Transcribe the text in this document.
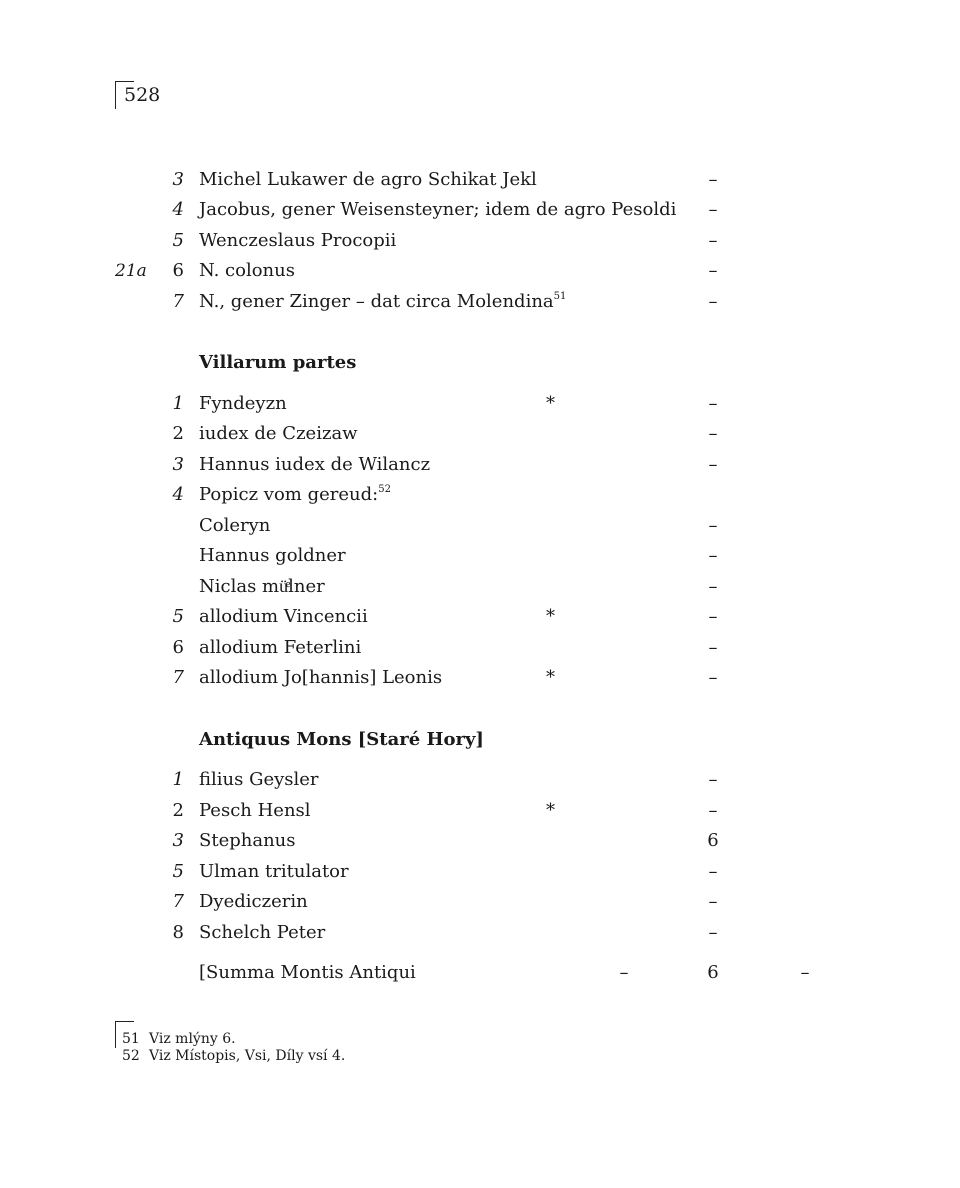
528
3 Michel Lukawer de agro Schikat Jekl	–
4 Jacobus, gener Weisensteyner; idem de agro Pesoldi –
5 Wenczeslaus Procopii	–
21a	6 N. colonus	–
7 N., gener Zinger – dat circa Molendina$^{51}$	–
Villarum partes
1 Fyndeyzn	*	–
2 iudex de Czeizaw	–
3 Hannus iudex de Wilancz	–
4 Popicz vom gereud:$^{52}$
Coleryn	–
Hannus goldner	–
Niclas müͤlner	–
5 allodium Vincencii	*	–
6 allodium Feterlini	–
7 allodium Jo[hannis] Leonis	*	–
Antiquus Mons [Staré Hory]
1 filius Geysler	–
2 Pesch Hensl	*	–
3 Stephanus	6
5 Ulman tritulator	–
7 Dyediczerin	–
8 Schelch Peter	–
[Summa Montis Antiqui	–	6	–
51 Viz mlýny 6.
52 Viz Místopis, Vsi, Díly vsí 4.
